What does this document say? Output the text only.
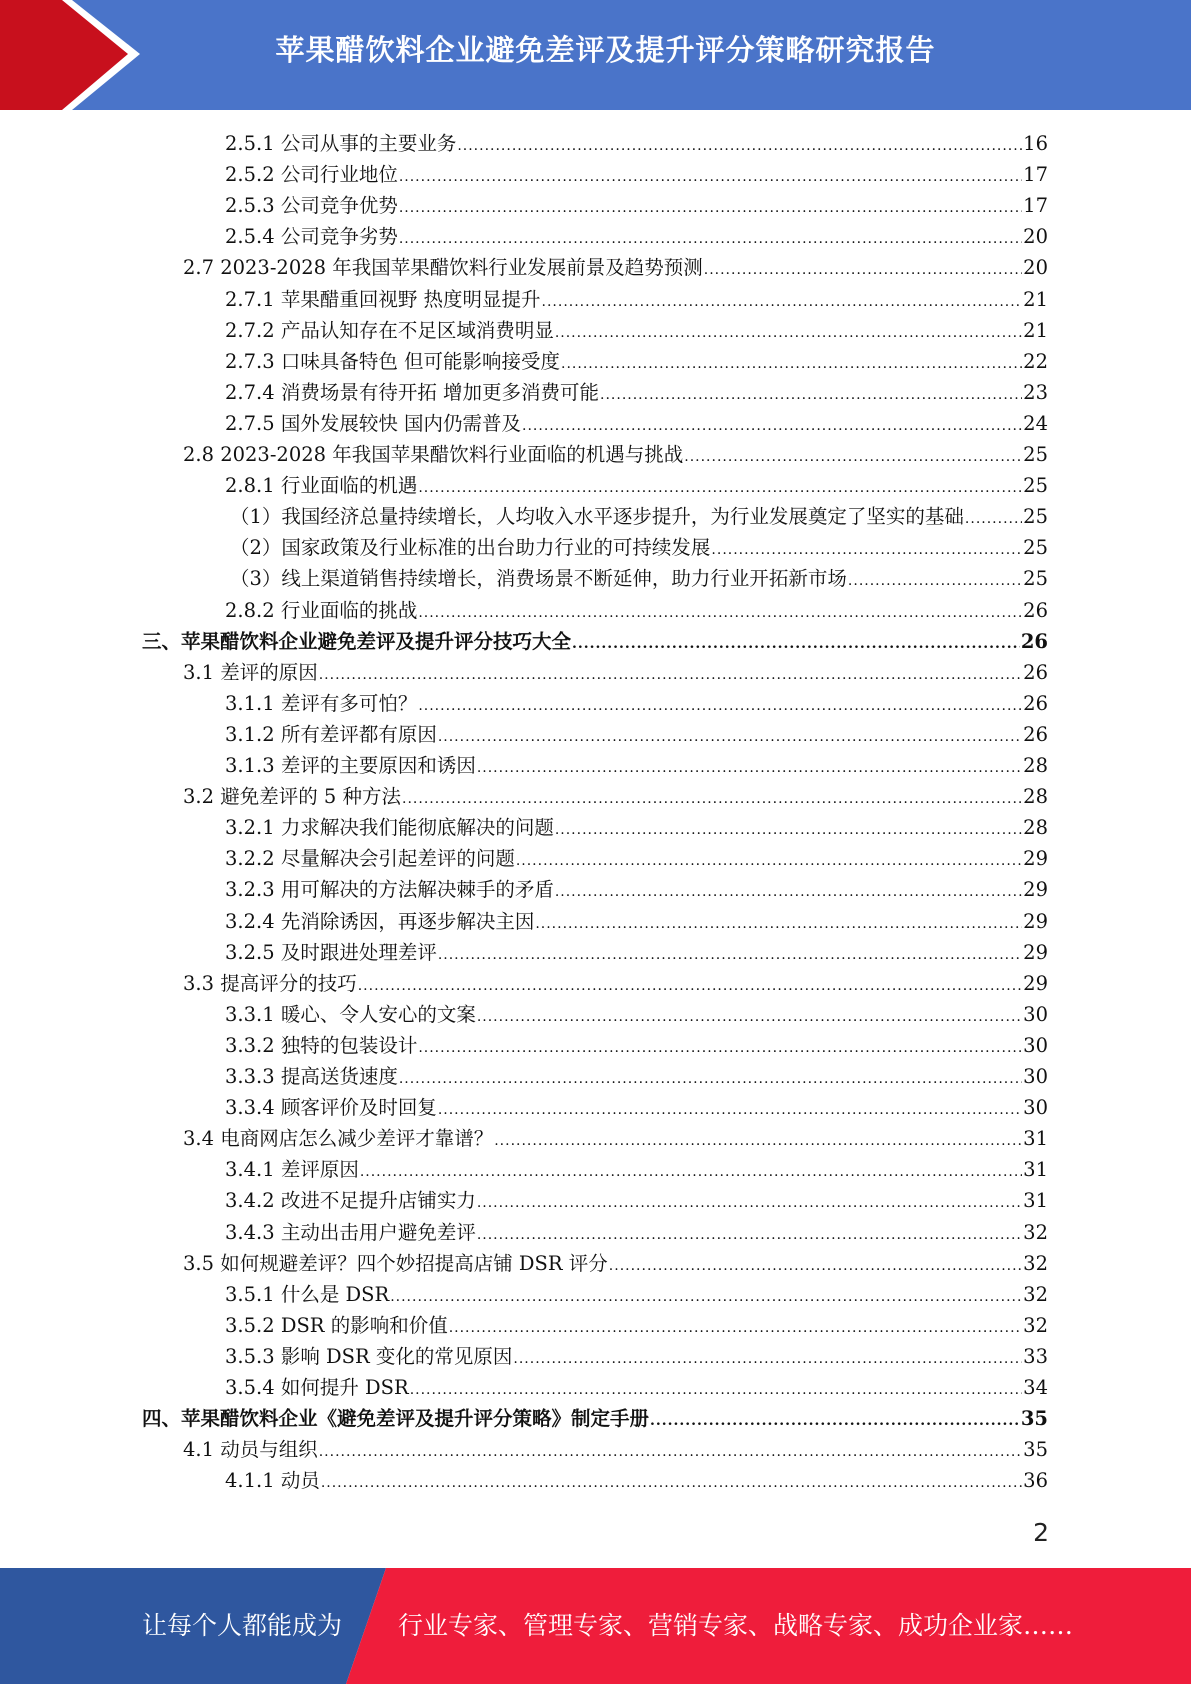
苹果醋饮料企业避免差评及提升评分策略研究报告
2.5.1 公司从事的主要业务 .....	16
2.5.2 公司行业地位 .....	17
2.5.3 公司竞争优势 .....	17
2.5.4 公司竞争劣势 .....	20
2.7 2023-2028 年我国苹果醋饮料行业发展前景及趋势预测 .....	20
2.7.1 苹果醋重回视野 热度明显提升 .....	21
2.7.2 产品认知存在不足区域消费明显 .....	21
2.7.3 口味具备特色 但可能影响接受度 .....	22
2.7.4 消费场景有待开拓 增加更多消费可能 .....	23
2.7.5 国外发展较快 国内仍需普及 .....	24
2.8 2023-2028 年我国苹果醋饮料行业面临的机遇与挑战 .....	25
2.8.1 行业面临的机遇 .....	25
（1）我国经济总量持续增长，人均收入水平逐步提升，为行业发展奠定了坚实的基础 .....	25
（2）国家政策及行业标准的出台助力行业的可持续发展 .....	25
（3）线上渠道销售持续增长，消费场景不断延伸，助力行业开拓新市场 .....	25
2.8.2 行业面临的挑战 .....	26
三、苹果醋饮料企业避免差评及提升评分技巧大全 .....	26
3.1 差评的原因 .....	26
3.1.1 差评有多可怕？ .....	26
3.1.2 所有差评都有原因 .....	26
3.1.3 差评的主要原因和诱因 .....	28
3.2 避免差评的 5 种方法 .....	28
3.2.1 力求解决我们能彻底解决的问题 .....	28
3.2.2 尽量解决会引起差评的问题 .....	29
3.2.3 用可解决的方法解决棘手的矛盾 .....	29
3.2.4 先消除诱因，再逐步解决主因 .....	29
3.2.5 及时跟进处理差评 .....	29
3.3 提高评分的技巧 .....	29
3.3.1 暖心、令人安心的文案 .....	30
3.3.2 独特的包装设计 .....	30
3.3.3 提高送货速度 .....	30
3.3.4 顾客评价及时回复 .....	30
3.4 电商网店怎么减少差评才靠谱？ .....	31
3.4.1 差评原因 .....	31
3.4.2 改进不足提升店铺实力 .....	31
3.4.3 主动出击用户避免差评 .....	32
3.5 如何规避差评？四个妙招提高店铺 DSR 评分 .....	32
3.5.1 什么是 DSR .....	32
3.5.2 DSR 的影响和价值 .....	32
3.5.3 影响 DSR 变化的常见原因 .....	33
3.5.4 如何提升 DSR .....	34
四、苹果醋饮料企业《避免差评及提升评分策略》制定手册 .....	35
4.1 动员与组织 .....	35
4.1.1 动员 .....	36
2
让每个人都能成为 行业专家、管理专家、营销专家、战略专家、成功企业家……
